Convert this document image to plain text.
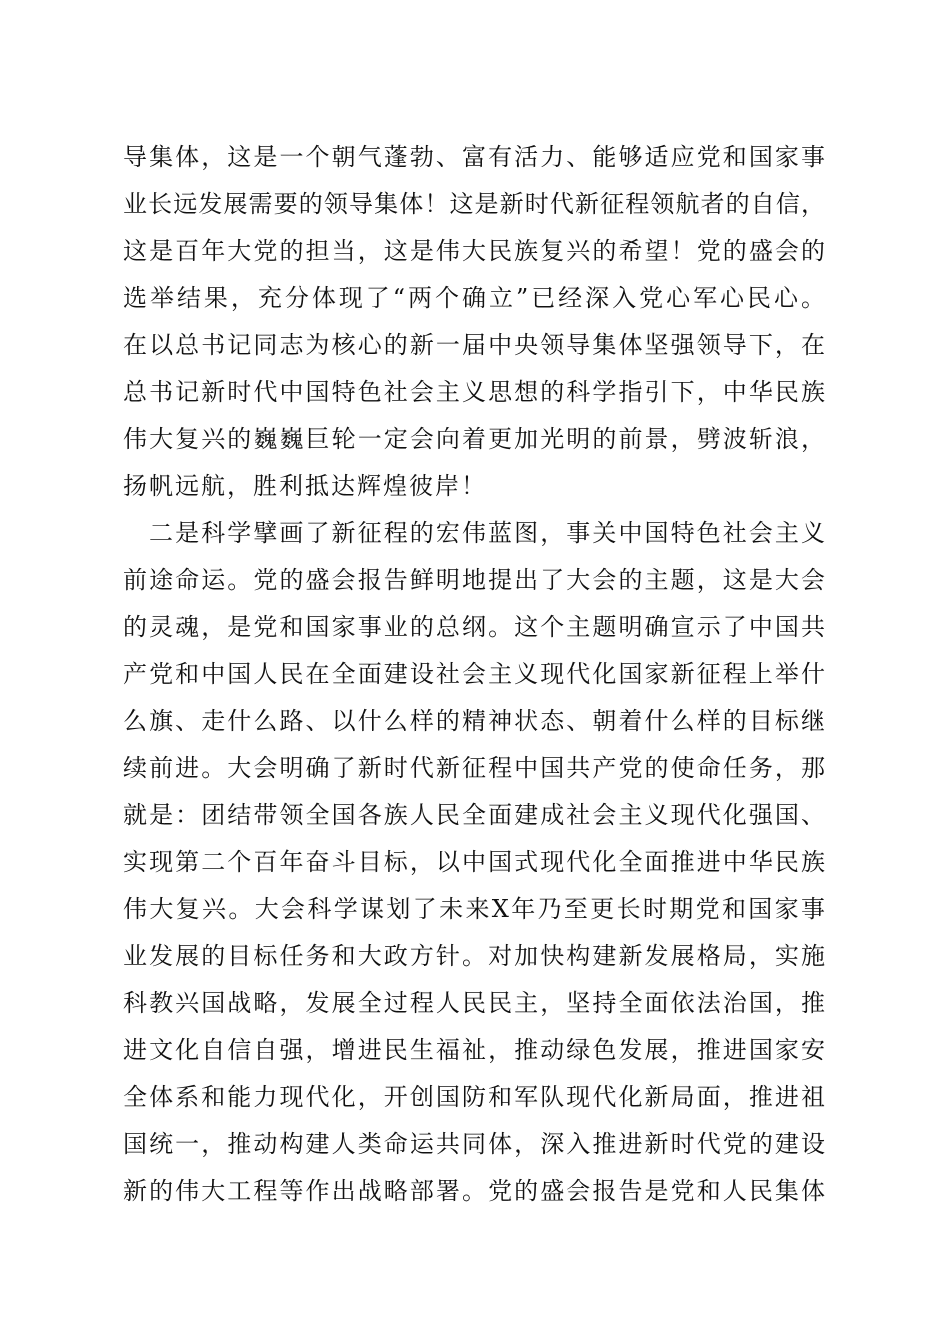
导集体，这是一个朝气蓬勃、富有活力、能够适应党和国家事
业长远发展需要的领导集体！这是新时代新征程领航者的自信，
这是百年大党的担当，这是伟大民族复兴的希望！党的盛会的
选举结果，充分体现了“两个确立”已经深入党心军心民心。
在以总书记同志为核心的新一届中央领导集体坚强领导下，在
总书记新时代中国特色社会主义思想的科学指引下，中华民族
伟大复兴的巍巍巨轮一定会向着更加光明的前景，劈波斩浪，
扬帆远航，胜利抵达辉煌彼岸！
二是科学擘画了新征程的宏伟蓝图，事关中国特色社会主义
前途命运。党的盛会报告鲜明地提出了大会的主题，这是大会
的灵魂，是党和国家事业的总纲。这个主题明确宣示了中国共
产党和中国人民在全面建设社会主义现代化国家新征程上举什
么旗、走什么路、以什么样的精神状态、朝着什么样的目标继
续前进。大会明确了新时代新征程中国共产党的使命任务，那
就是：团结带领全国各族人民全面建成社会主义现代化强国、
实现第二个百年奋斗目标，以中国式现代化全面推进中华民族
伟大复兴。大会科学谋划了未来X年乃至更长时期党和国家事
业发展的目标任务和大政方针。对加快构建新发展格局，实施
科教兴国战略，发展全过程人民民主，坚持全面依法治国，推
进文化自信自强，增进民生福祉，推动绿色发展，推进国家安
全体系和能力现代化，开创国防和军队现代化新局面，推进祖
国统一，推动构建人类命运共同体，深入推进新时代党的建设
新的伟大工程等作出战略部署。党的盛会报告是党和人民集体
